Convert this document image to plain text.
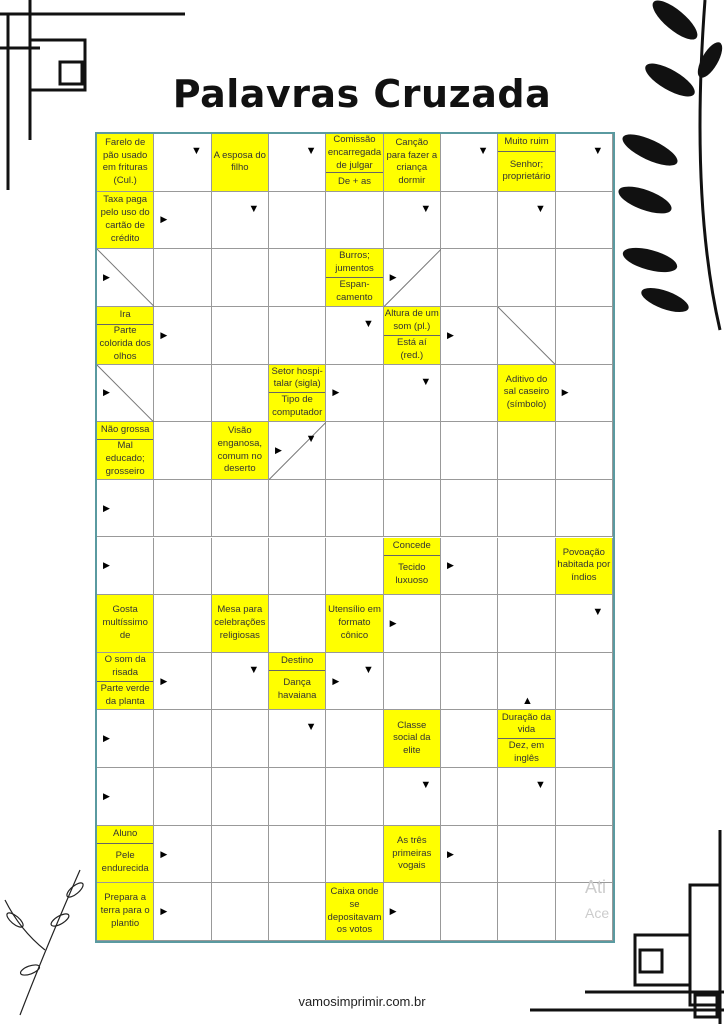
Palavras Cruzada
Farelo de pão usado em frituras (Cul.)
A esposa do filho
Comissão encarregada de julgar
De + as
Canção para fazer a criança dormir
Muito ruim
Senhor; proprietário
Taxa paga pelo uso do cartão de crédito
Burros; jumentos
Espan-camento
Ira
Parte colorida dos olhos
Altura de um som (pl.)
Está aí (red.)
Setor hospi-talar (sigla)
Tipo de computador
Aditivo do sal caseiro (símbolo)
Não grossa
Mal educado; grosseiro
Visão enganosa, comum no deserto
Concede
Tecido luxuoso
Povoação habitada por índios
Gosta multíssimo de
Mesa para celebrações religiosas
Utensílio em formato cônico
O som da risada
Parte verde da planta
Destino
Dança havaiana
Classe social da elite
Duração da vida
Dez, em inglês
Aluno
Pele endurecida
As três primeiras vogais
Prepara a terra para o plantio
Caixa onde se depositavam os votos
▼	▼	▼	▼
▼	▼	▼
▶
▶	▶
▼
▶	▶
▶	▶
▼
▶
▼
▶
▶
▶	▶
▼
▶
▶
▼	▼
▶
▲
▶
▼
▶
▼	▼
▶	▶
▶	▶
Ati
Ace
vamosimprimir.com.br
